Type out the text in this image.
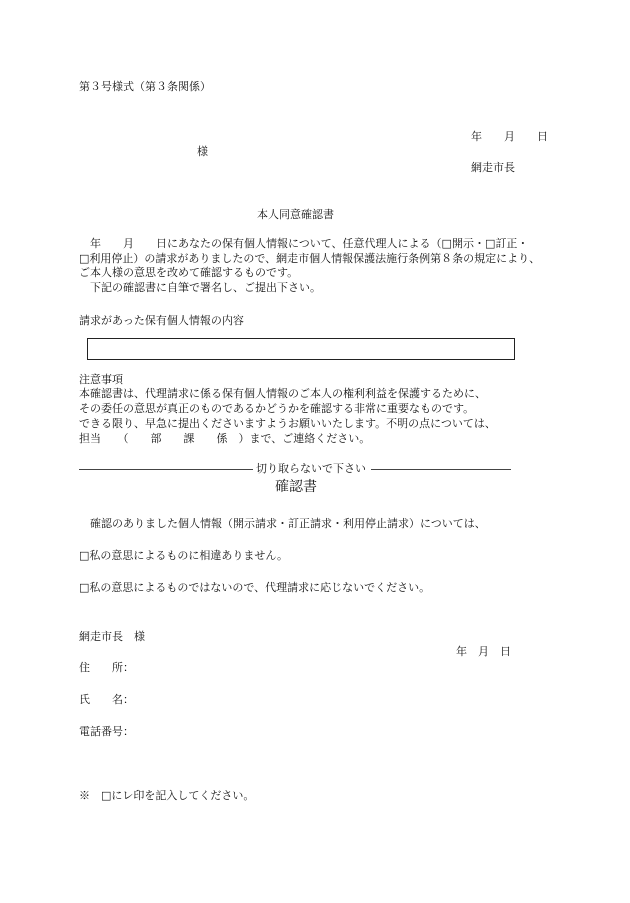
第３号様式（第３条関係）
年　　月　　日
様
網走市長
本人同意確認書
　年　　月　　日にあなたの保有個人情報について、任意代理人による（□開示・□訂正・
□利用停止）の請求がありましたので、網走市個人情報保護法施行条例第８条の規定により、
ご本人様の意思を改めて確認するものです。
　下記の確認書に自筆で署名し、ご提出下さい。
請求があった保有個人情報の内容
注意事項
本確認書は、代理請求に係る保有個人情報のご本人の権利利益を保護するために、
その委任の意思が真正のものであるかどうかを確認する非常に重要なものです。
できる限り、早急に提出くださいますようお願いいたします。不明の点については、
担当　　（　　部　　課　　係　）まで、ご連絡ください。
切り取らないで下さい
確認書
　確認のありました個人情報（開示請求・訂正請求・利用停止請求）については、
□私の意思によるものに相違ありません。
□私の意思によるものではないので、代理請求に応じないでください。
網走市長　様
年　月　日
住　　所：
氏　　名：
電話番号：
※　□にレ印を記入してください。
